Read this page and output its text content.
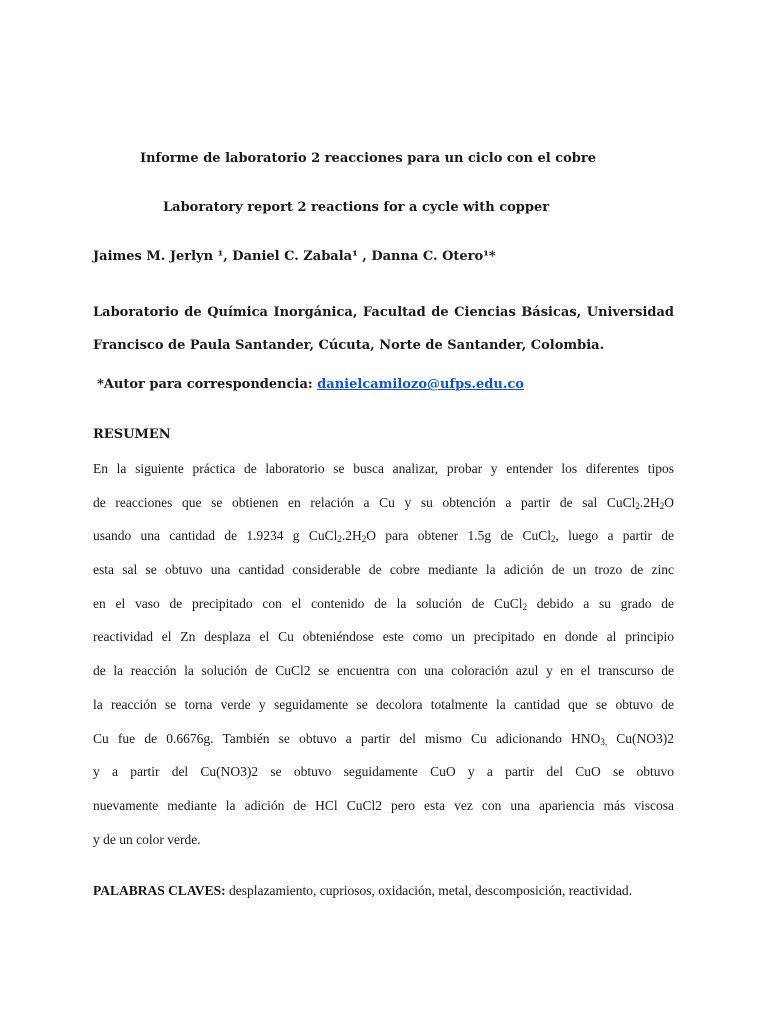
Informe de laboratorio 2 reacciones para un ciclo con el cobre
Laboratory report 2 reactions for a cycle with copper
Jaimes M. Jerlyn ¹, Daniel C. Zabala¹ , Danna C. Otero¹*
Laboratorio de Química Inorgánica, Facultad de Ciencias Básicas, Universidad Francisco de Paula Santander, Cúcuta, Norte de Santander, Colombia.
*Autor para correspondencia: danielcamilozo@ufps.edu.co
RESUMEN
En la siguiente práctica de laboratorio se busca analizar, probar y entender los diferentes tipos
de reacciones que se obtienen en relación a Cu y su obtención a partir de sal $CuCl_2.2H_2O$
usando una cantidad de 1.9234 g $CuCl_2.2H_2O$ para obtener 1.5g de CuCl$_2$, luego a partir de
esta sal se obtuvo una cantidad considerable de cobre mediante la adición de un trozo de zinc
en el vaso de precipitado con el contenido de la solución de CuCl$_2$ debido a su grado de
reactividad el Zn desplaza el Cu obteniéndose este como un precipitado en donde al principio
de la reacción la solución de CuCl2 se encuentra con una coloración azul y en el transcurso de
la reacción se torna verde y seguidamente se decolora totalmente la cantidad que se obtuvo de
Cu fue de 0.6676g. También se obtuvo a partir del mismo Cu adicionando $HNO_{3,}$ Cu(NO3)2
y a partir del Cu(NO3)2 se obtuvo seguidamente CuO y a partir del CuO se obtuvo
nuevamente mediante la adición de HCl CuCl2 pero esta vez con una apariencia más viscosa
y de un color verde.
PALABRAS CLAVES: desplazamiento, cupriosos, oxidación, metal, descomposición, reactividad.
